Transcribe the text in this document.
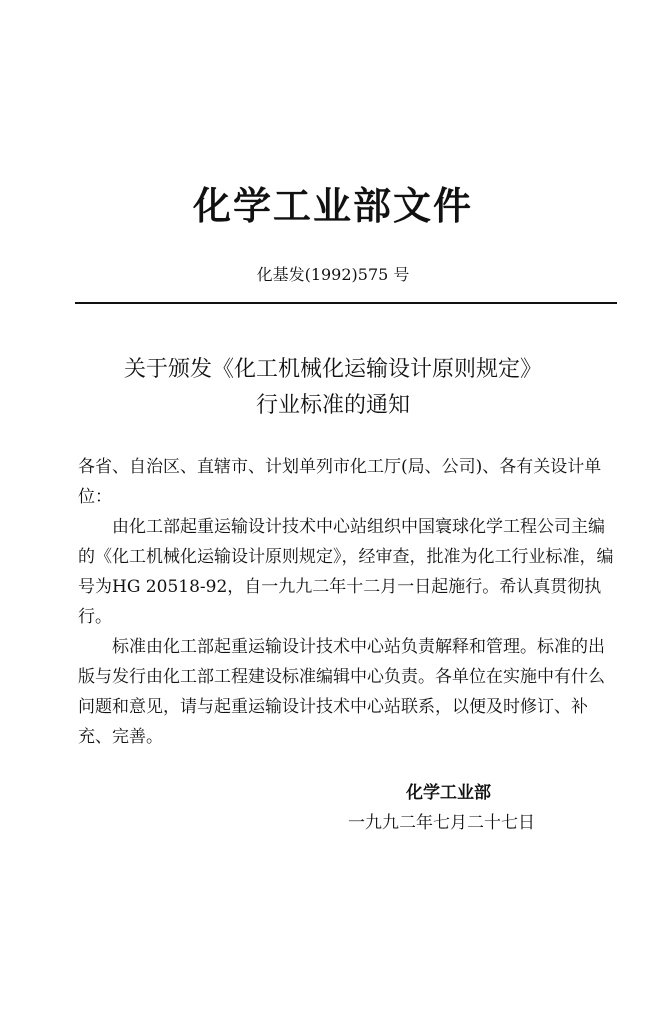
化学工业部文件
化基发(1992)575 号
关于颁发《化工机械化运输设计原则规定》
行业标准的通知

各省、自治区、直辖市、计划单列市化工厅(局、公司)、各有关设计单位：

由化工部起重运输设计技术中心站组织中国寰球化学工程公司主编的《化工机械化运输设计原则规定》，经审查，批准为化工行业标准，编号为HG 20518-92，自一九九二年十二月一日起施行。希认真贯彻执行。

标准由化工部起重运输设计技术中心站负责解释和管理。标准的出版与发行由化工部工程建设标准编辑中心负责。各单位在实施中有什么问题和意见，请与起重运输设计技术中心站联系，以便及时修订、补充、完善。

化学工业部
一九九二年七月二十七日
